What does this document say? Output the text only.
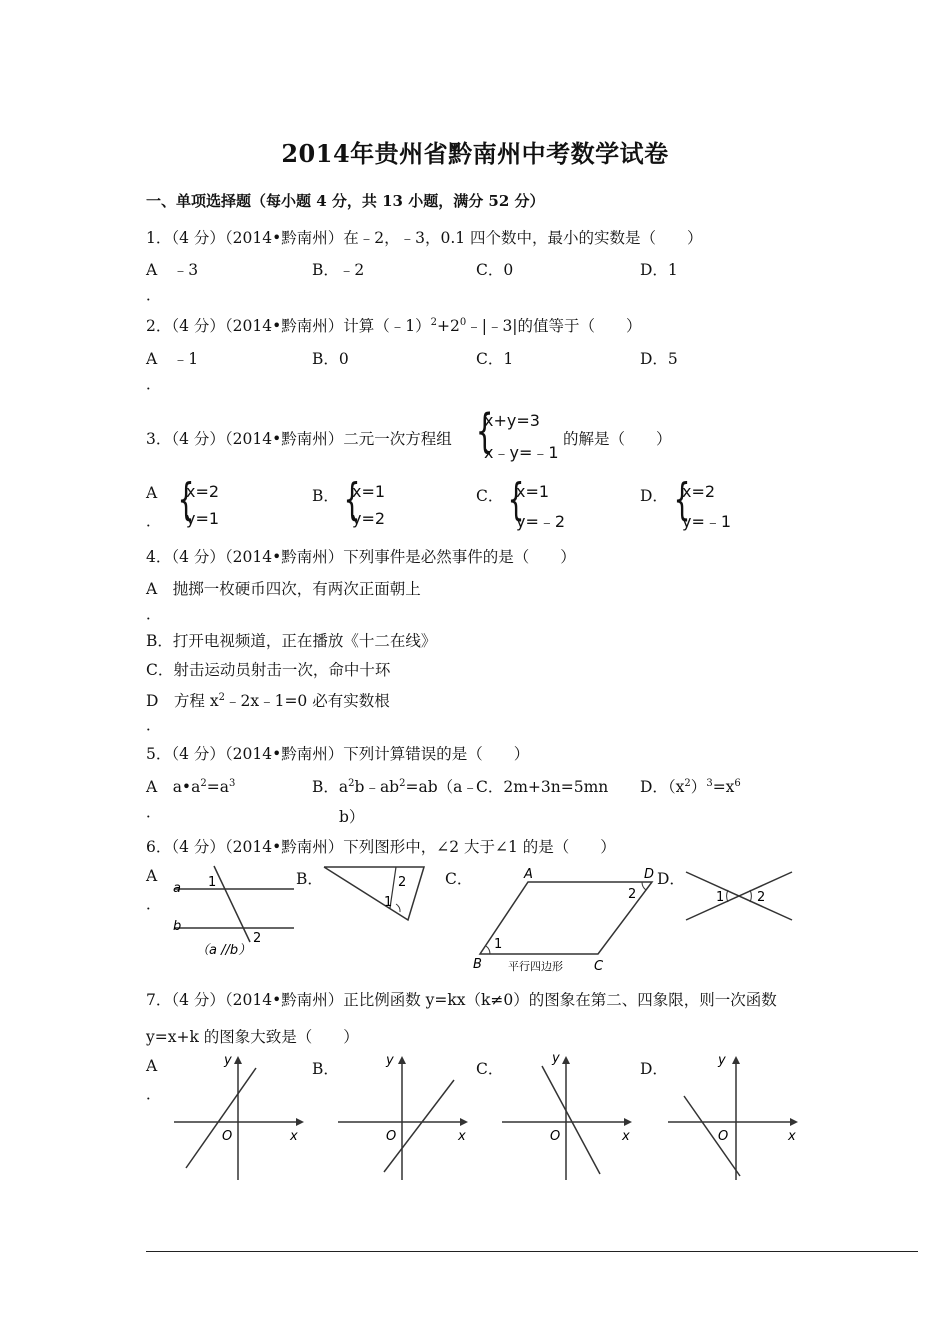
2014年贵州省黔南州中考数学试卷
一、单项选择题（每小题 4 分，共 13 小题，满分 52 分）
1．（4 分）（2014•黔南州）在﹣2，﹣3，0.1 四个数中，最小的实数是（　　）
A　﹣3
．
B．﹣2	C．0	D．1
2．（4 分）（2014•黔南州）计算$(﹣1)^2+2^0﹣|﹣3|$的值等于（　　）
A　﹣1
．
B．0	C．1	D．5
3．（4 分）（2014•黔南州）二元一次方程组 {
x+y=3
x﹣y=﹣1
的解是（　　）
A
． {
x=2
y=1
B． {
x=1
y=2
C． {
x=1
y=﹣2
D． {
x=2
y=﹣1
4．（4 分）（2014•黔南州）下列事件是必然事件的是（　　）
A　抛掷一枚硬币四次，有两次正面朝上
．
B．打开电视频道，正在播放《十二在线》
C．射击运动员射击一次，命中十环
D　方程 $x^2﹣2x﹣1=0$ 必有实数根
．
5．（4 分）（2014•黔南州）下列计算错误的是（　　）
A　$a•a^2=a^3$
．
B．$a^2b﹣ab^2=ab(a﹣$
b）
C．2m+3n=5mn D．$(x^2)^3=x^6$
6．（4 分）（2014•黔南州）下列图形中，∠2 大于∠1 的是（　　）
A
．
B．	C．	D．
a
b
1
2
（a //b）
2
1
A	D
B	C
1
2
平行四边形
1	2
7．（4 分）（2014•黔南州）正比例函数 y=kx（k≠0）的图象在第二、四象限，则一次函数
y=x+k 的图象大致是（　　）
A
．
B．	C．	D．
y
x
O
y
x
O
y
x
O
y
x
O
